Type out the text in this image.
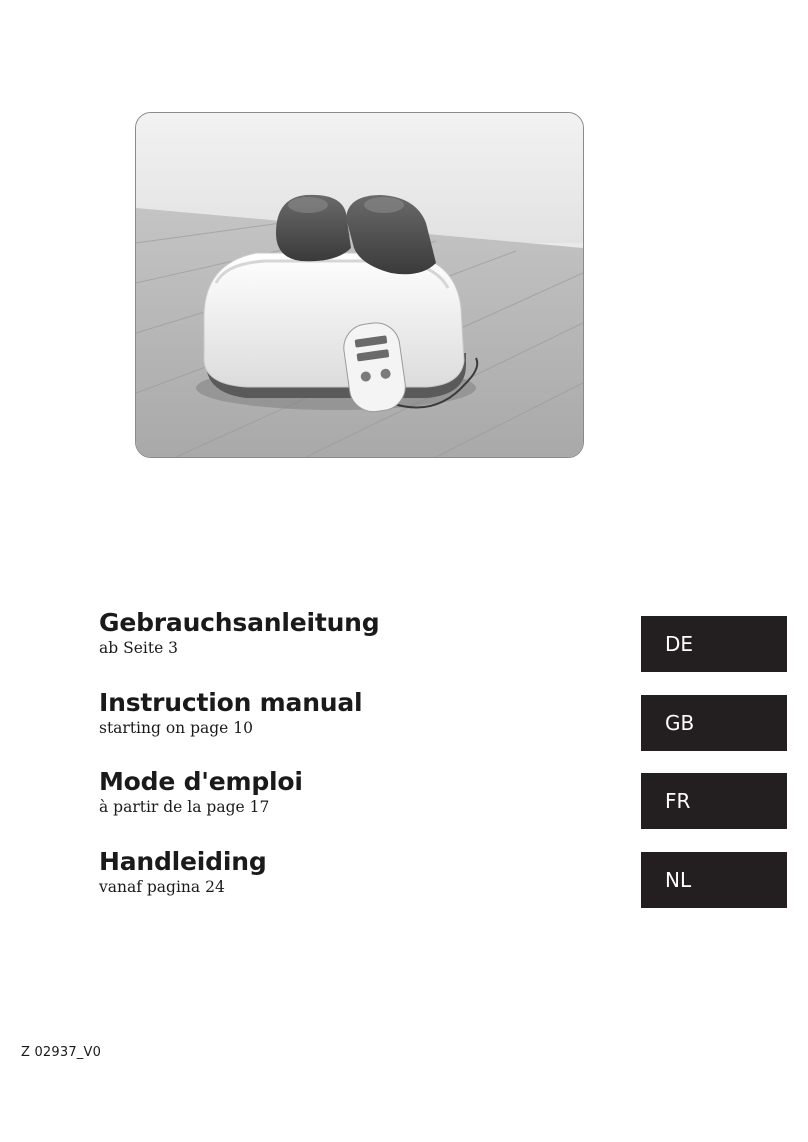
Gebrauchsanleitung
ab Seite 3	DE
Instruction manual
starting on page 10	GB
Mode d'emploi
à partir de la page 17	FR
Handleiding
vanaf pagina 24	NL
Z 02937_V0
